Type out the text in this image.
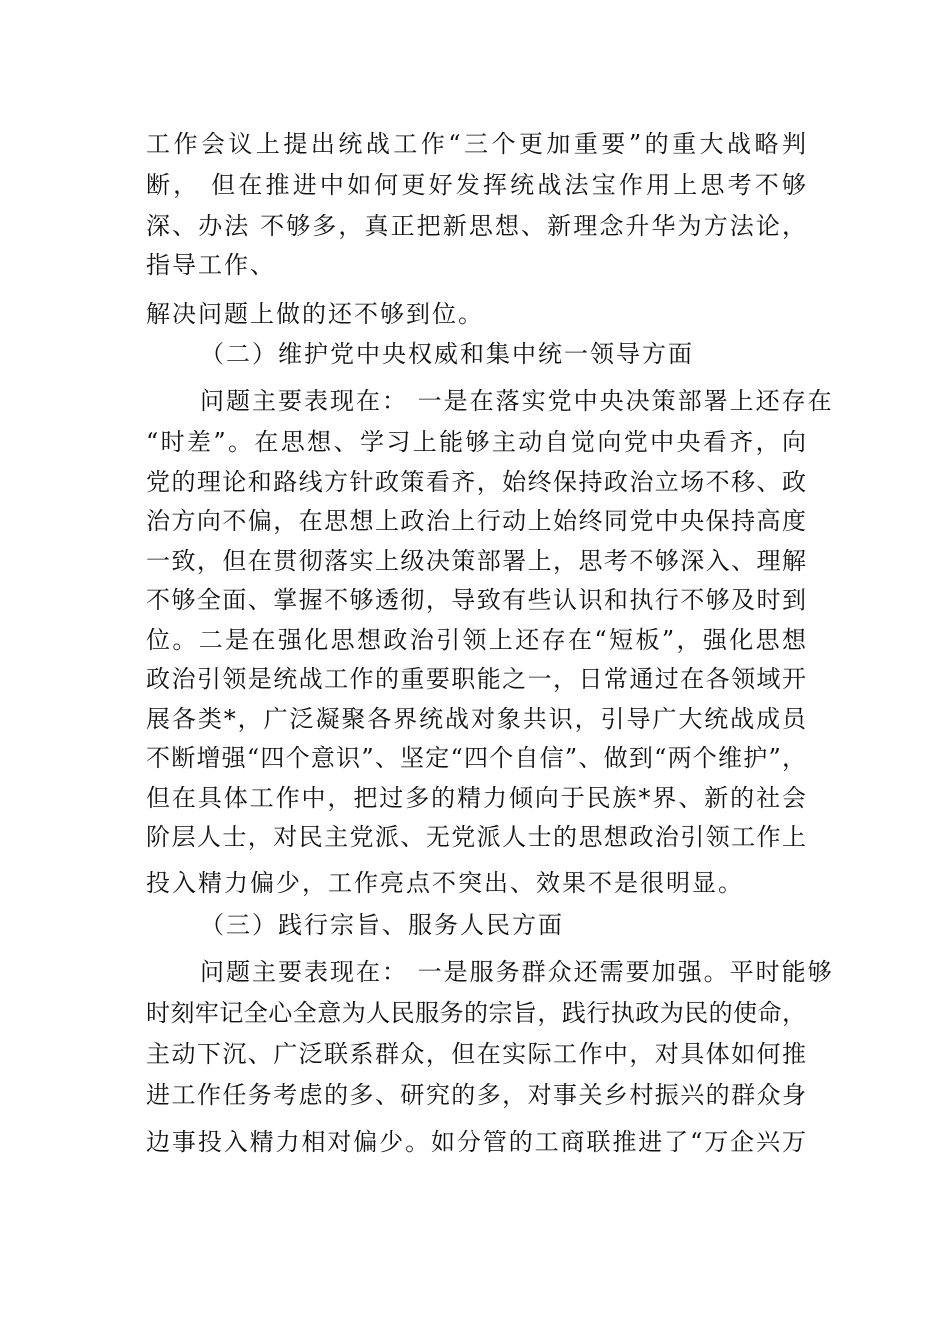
工作会议上提出统战工作“三个更加重要”的重大战略判
断， 但在推进中如何更好发挥统战法宝作用上思考不够
深、办法 不够多，真正把新思想、新理念升华为方法论，
指导工作、
解决问题上做的还不够到位。
（二）维护党中央权威和集中统一领导方面
问题主要表现在： 一是在落实党中央决策部署上还存在
“时差”。在思想、学习上能够主动自觉向党中央看齐，向
党的理论和路线方针政策看齐，始终保持政治立场不移、政
治方向不偏，在思想上政治上行动上始终同党中央保持高度
一致，但在贯彻落实上级决策部署上，思考不够深入、理解
不够全面、掌握不够透彻，导致有些认识和执行不够及时到
位。二是在强化思想政治引领上还存在“短板”，强化思想
政治引领是统战工作的重要职能之一，日常通过在各领域开
展各类*，广泛凝聚各界统战对象共识，引导广大统战成员
不断增强“四个意识”、坚定“四个自信”、做到“两个维护”，
但在具体工作中，把过多的精力倾向于民族*界、新的社会
阶层人士，对民主党派、无党派人士的思想政治引领工作上
投入精力偏少，工作亮点不突出、效果不是很明显。
（三）践行宗旨、服务人民方面
问题主要表现在： 一是服务群众还需要加强。平时能够
时刻牢记全心全意为人民服务的宗旨，践行执政为民的使命，
主动下沉、广泛联系群众，但在实际工作中，对具体如何推
进工作任务考虑的多、研究的多，对事关乡村振兴的群众身
边事投入精力相对偏少。如分管的工商联推进了“万企兴万
